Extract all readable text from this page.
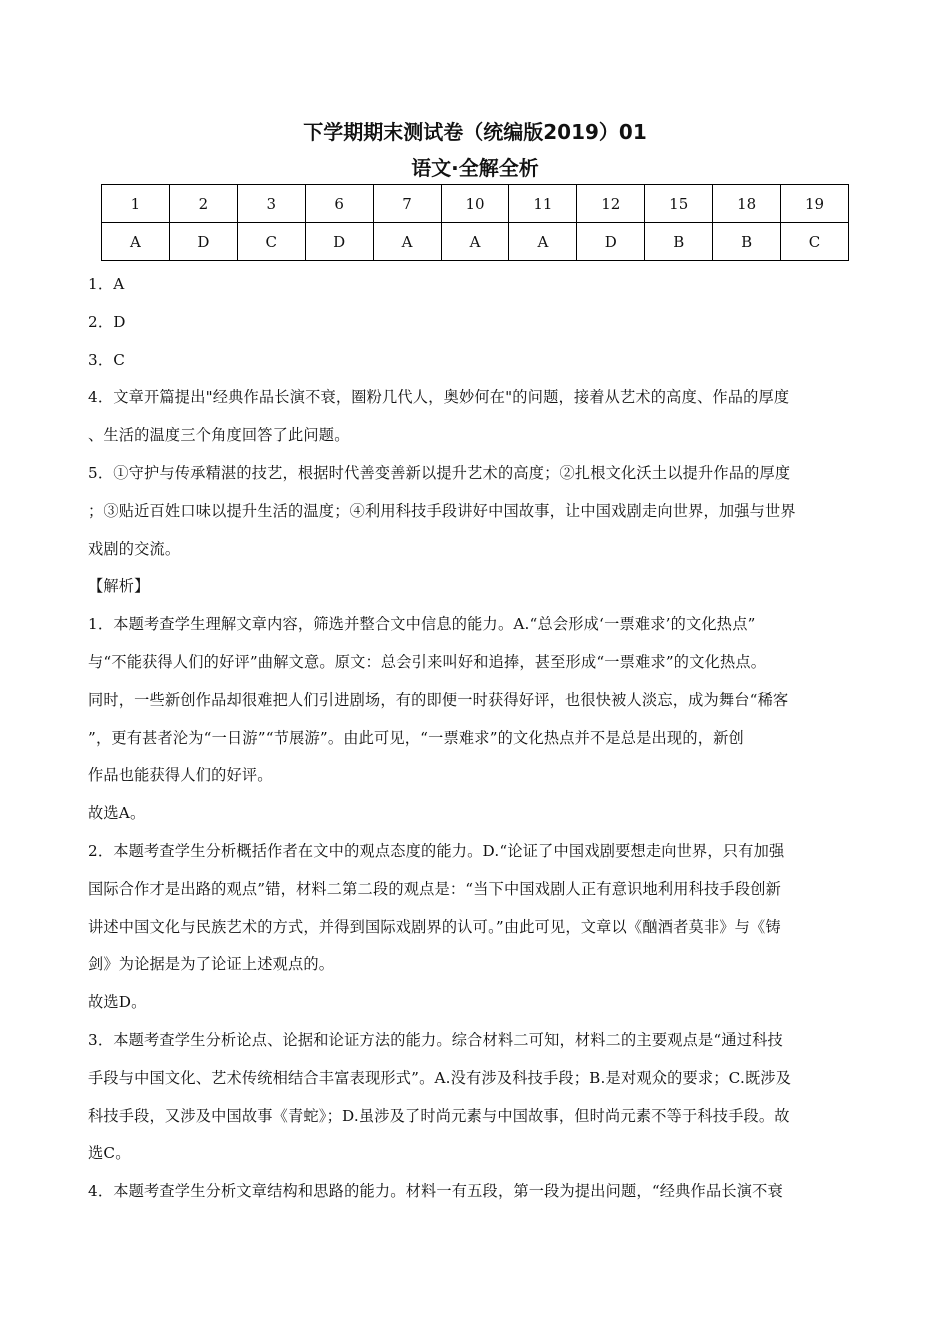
下学期期末测试卷（统编版2019）01
语文·全解全析
1	2	3	6	7	10	11	12	15	18	19
A	D	C	D	A	A	A	D	B	B	C
1．A
2．D
3．C
4．文章开篇提出"经典作品长演不衰，圈粉几代人，奥妙何在"的问题，接着从艺术的高度、作品的厚度
、生活的温度三个角度回答了此问题。
5．①守护与传承精湛的技艺，根据时代善变善新以提升艺术的高度；②扎根文化沃土以提升作品的厚度
；③贴近百姓口味以提升生活的温度；④利用科技手段讲好中国故事，让中国戏剧走向世界，加强与世界
戏剧的交流。
【解析】
1．本题考查学生理解文章内容，筛选并整合文中信息的能力。A.“总会形成‘一票难求’的文化热点”
与“不能获得人们的好评”曲解文意。原文：总会引来叫好和追捧，甚至形成“一票难求”的文化热点。
同时，一些新创作品却很难把人们引进剧场，有的即便一时获得好评，也很快被人淡忘，成为舞台“稀客
”，更有甚者沦为“一日游”“节展游”。由此可见，“一票难求”的文化热点并不是总是出现的，新创
作品也能获得人们的好评。
故选A。
2．本题考查学生分析概括作者在文中的观点态度的能力。D.“论证了中国戏剧要想走向世界，只有加强
国际合作才是出路的观点”错，材料二第二段的观点是：“当下中国戏剧人正有意识地利用科技手段创新
讲述中国文化与民族艺术的方式，并得到国际戏剧界的认可。”由此可见，文章以《酗酒者莫非》与《铸
剑》为论据是为了论证上述观点的。
故选D。
3．本题考查学生分析论点、论据和论证方法的能力。综合材料二可知，材料二的主要观点是“通过科技
手段与中国文化、艺术传统相结合丰富表现形式”。A.没有涉及科技手段；B.是对观众的要求；C.既涉及
科技手段，又涉及中国故事《青蛇》；D.虽涉及了时尚元素与中国故事，但时尚元素不等于科技手段。故
选C。
4．本题考查学生分析文章结构和思路的能力。材料一有五段，第一段为提出问题，“经典作品长演不衰
